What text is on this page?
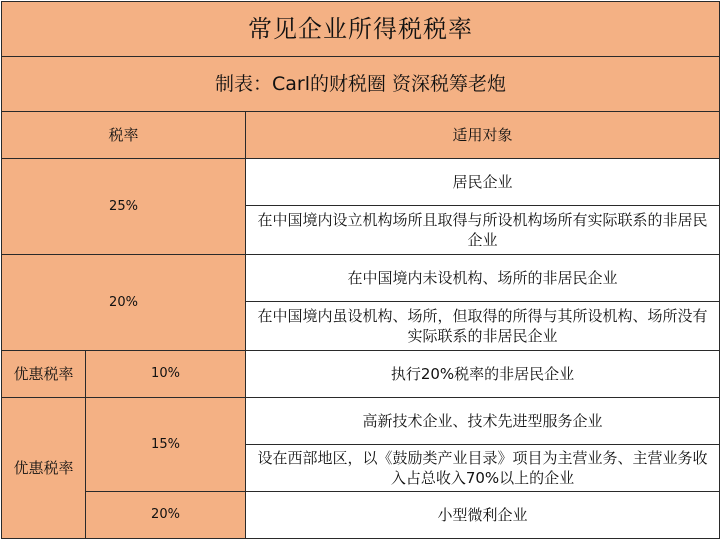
常见企业所得税税率		
制表：Carl的财税圈 资深税筹老炮		
税率		适用对象
25%		居民企业
		在中国境内设立机构场所且取得与所设机构场所有实际联系的非居民企业
20%		在中国境内未设机构、场所的非居民企业
		在中国境内虽设机构、场所，但取得的所得与其所设机构、场所没有实际联系的非居民企业
优惠税率	10%	执行20%税率的非居民企业
优惠税率	15%	高新技术企业、技术先进型服务企业
		设在西部地区，以《鼓励类产业目录》项目为主营业务、主营业务收入占总收入70%以上的企业
	20%	小型微利企业
